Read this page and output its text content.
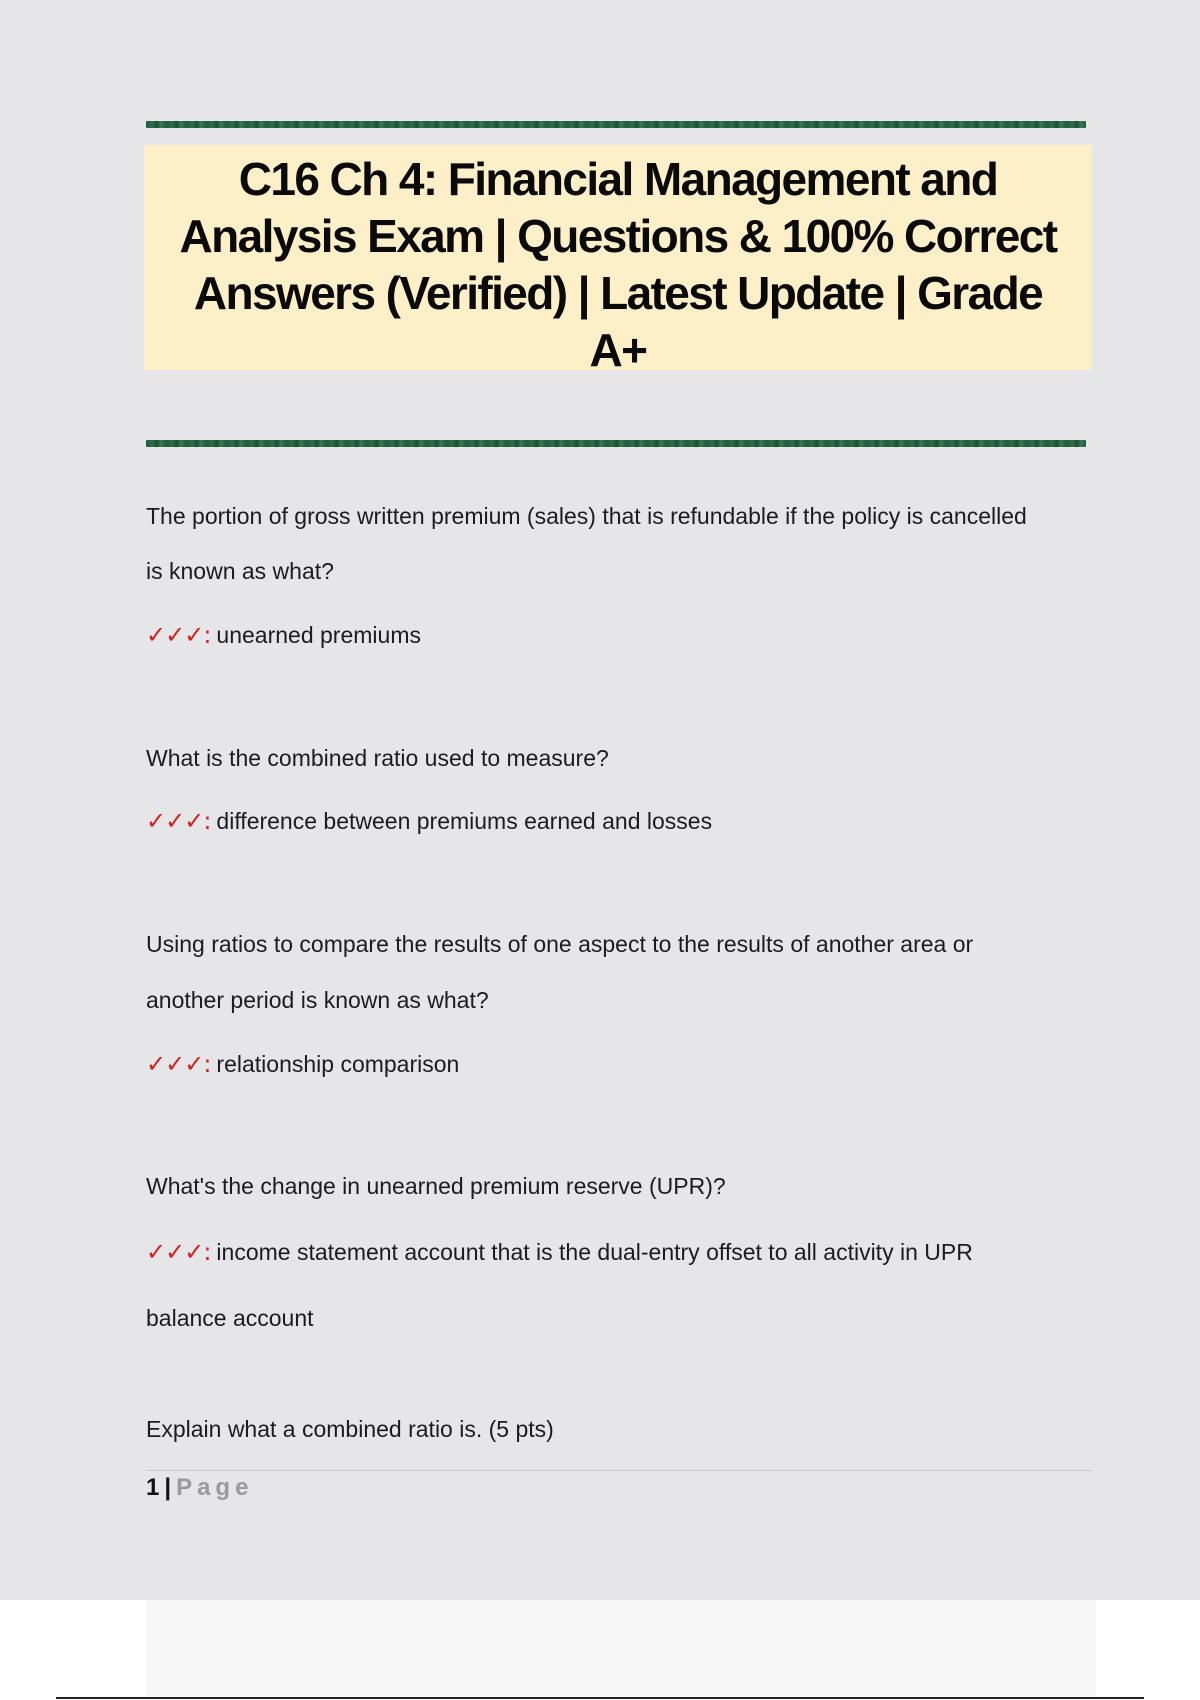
C16 Ch 4: Financial Management and
Analysis Exam | Questions & 100% Correct
Answers (Verified) | Latest Update | Grade
A+
The portion of gross written premium (sales) that is refundable if the policy is cancelled
is known as what?
✓✓✓: unearned premiums
What is the combined ratio used to measure?
✓✓✓: difference between premiums earned and losses
Using ratios to compare the results of one aspect to the results of another area or
another period is known as what?
✓✓✓: relationship comparison
What's the change in unearned premium reserve (UPR)?
✓✓✓: income statement account that is the dual-entry offset to all activity in UPR
balance account
Explain what a combined ratio is. (5 pts)
1 | Page
